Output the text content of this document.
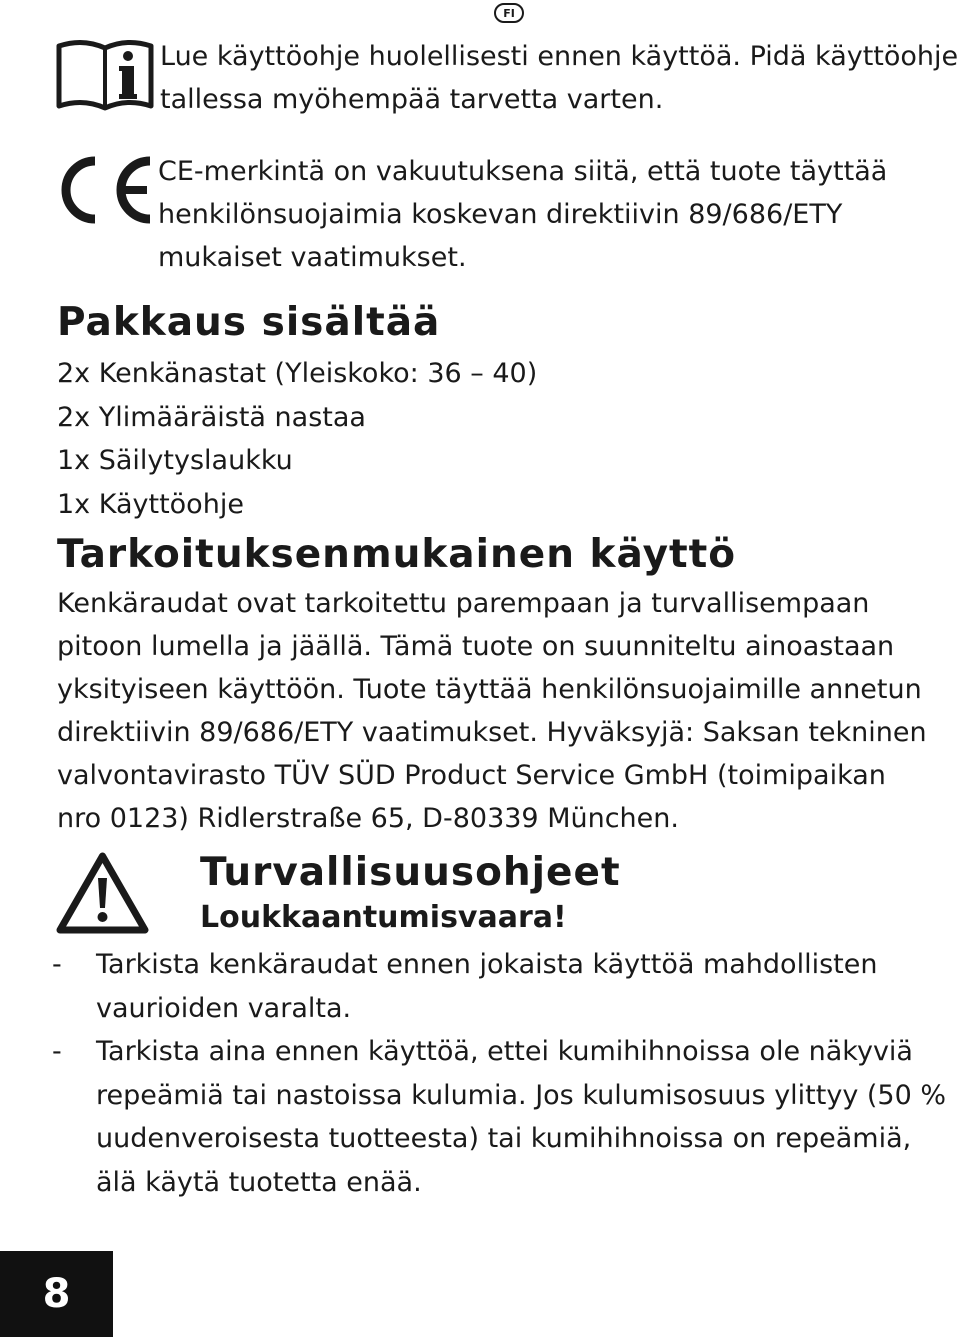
FI
Lue käyttöohje huolellisesti ennen käyttöä. Pidä käyttöohje
tallessa myöhempää tarvetta varten.
CE-merkintä on vakuutuksena siitä, että tuote täyttää
henkilönsuojaimia koskevan direktiivin 89/686/ETY
mukaiset vaatimukset.
Pakkaus sisältää
2x Kenkänastat (Yleiskoko: 36 – 40)
2x Ylimääräistä nastaa
1x Säilytyslaukku
1x Käyttöohje
Tarkoituksenmukainen käyttö
Kenkäraudat ovat tarkoitettu parempaan ja turvallisempaan
pitoon lumella ja jäällä. Tämä tuote on suunniteltu ainoastaan
yksityiseen käyttöön. Tuote täyttää henkilönsuojaimille annetun
direktiivin 89/686/ETY vaatimukset. Hyväksyjä: Saksan tekninen
valvontavirasto TÜV SÜD Product Service GmbH (toimipaikan
nro 0123) Ridlerstraße 65, D-80339 München.
Turvallisuusohjeet
Loukkaantumisvaara!
- Tarkista kenkäraudat ennen jokaista käyttöä mahdollisten
vaurioiden varalta.
- Tarkista aina ennen käyttöä, ettei kumihihnoissa ole näkyviä
repeämiä tai nastoissa kulumia. Jos kulumisosuus ylittyy (50 %
uudenveroisesta tuotteesta) tai kumihihnoissa on repeämiä,
älä käytä tuotetta enää.
8
